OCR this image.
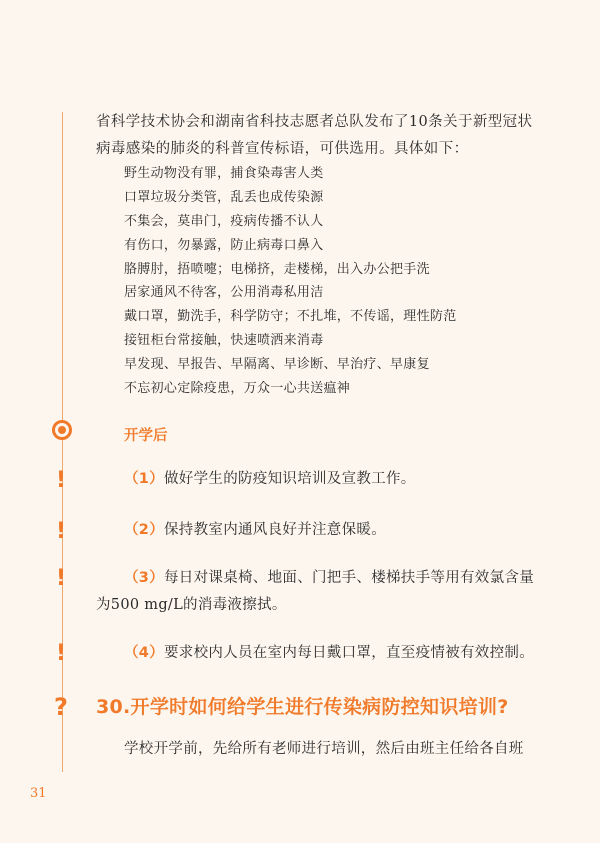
!
!
!
!
?

省科学技术协会和湖南省科技志愿者总队发布了10条关于新型冠状
病毒感染的肺炎的科普宣传标语，可供选用。具体如下：

野生动物没有罪，捕食染毒害人类
口罩垃圾分类管，乱丢也成传染源
不集会，莫串门，疫病传播不认人
有伤口，勿暴露，防止病毒口鼻入
胳膊肘，捂喷嚏；电梯挤，走楼梯，出入办公把手洗
居家通风不待客，公用消毒私用洁
戴口罩，勤洗手，科学防守；不扎堆，不传谣，理性防范
接钮柜台常接触，快速喷洒来消毒
早发现、早报告、早隔离、早诊断、早治疗、早康复
不忘初心定除疫患，万众一心共送瘟神
开学后
（1）做好学生的防疫知识培训及宣教工作。
（2）保持教室内通风良好并注意保暖。
（3）每日对课桌椅、地面、门把手、楼梯扶手等用有效氯含量
为500 mg/L的消毒液擦拭。
（4）要求校内人员在室内每日戴口罩，直至疫情被有效控制。
30.开学时如何给学生进行传染病防控知识培训?
学校开学前，先给所有老师进行培训，然后由班主任给各自班
31
